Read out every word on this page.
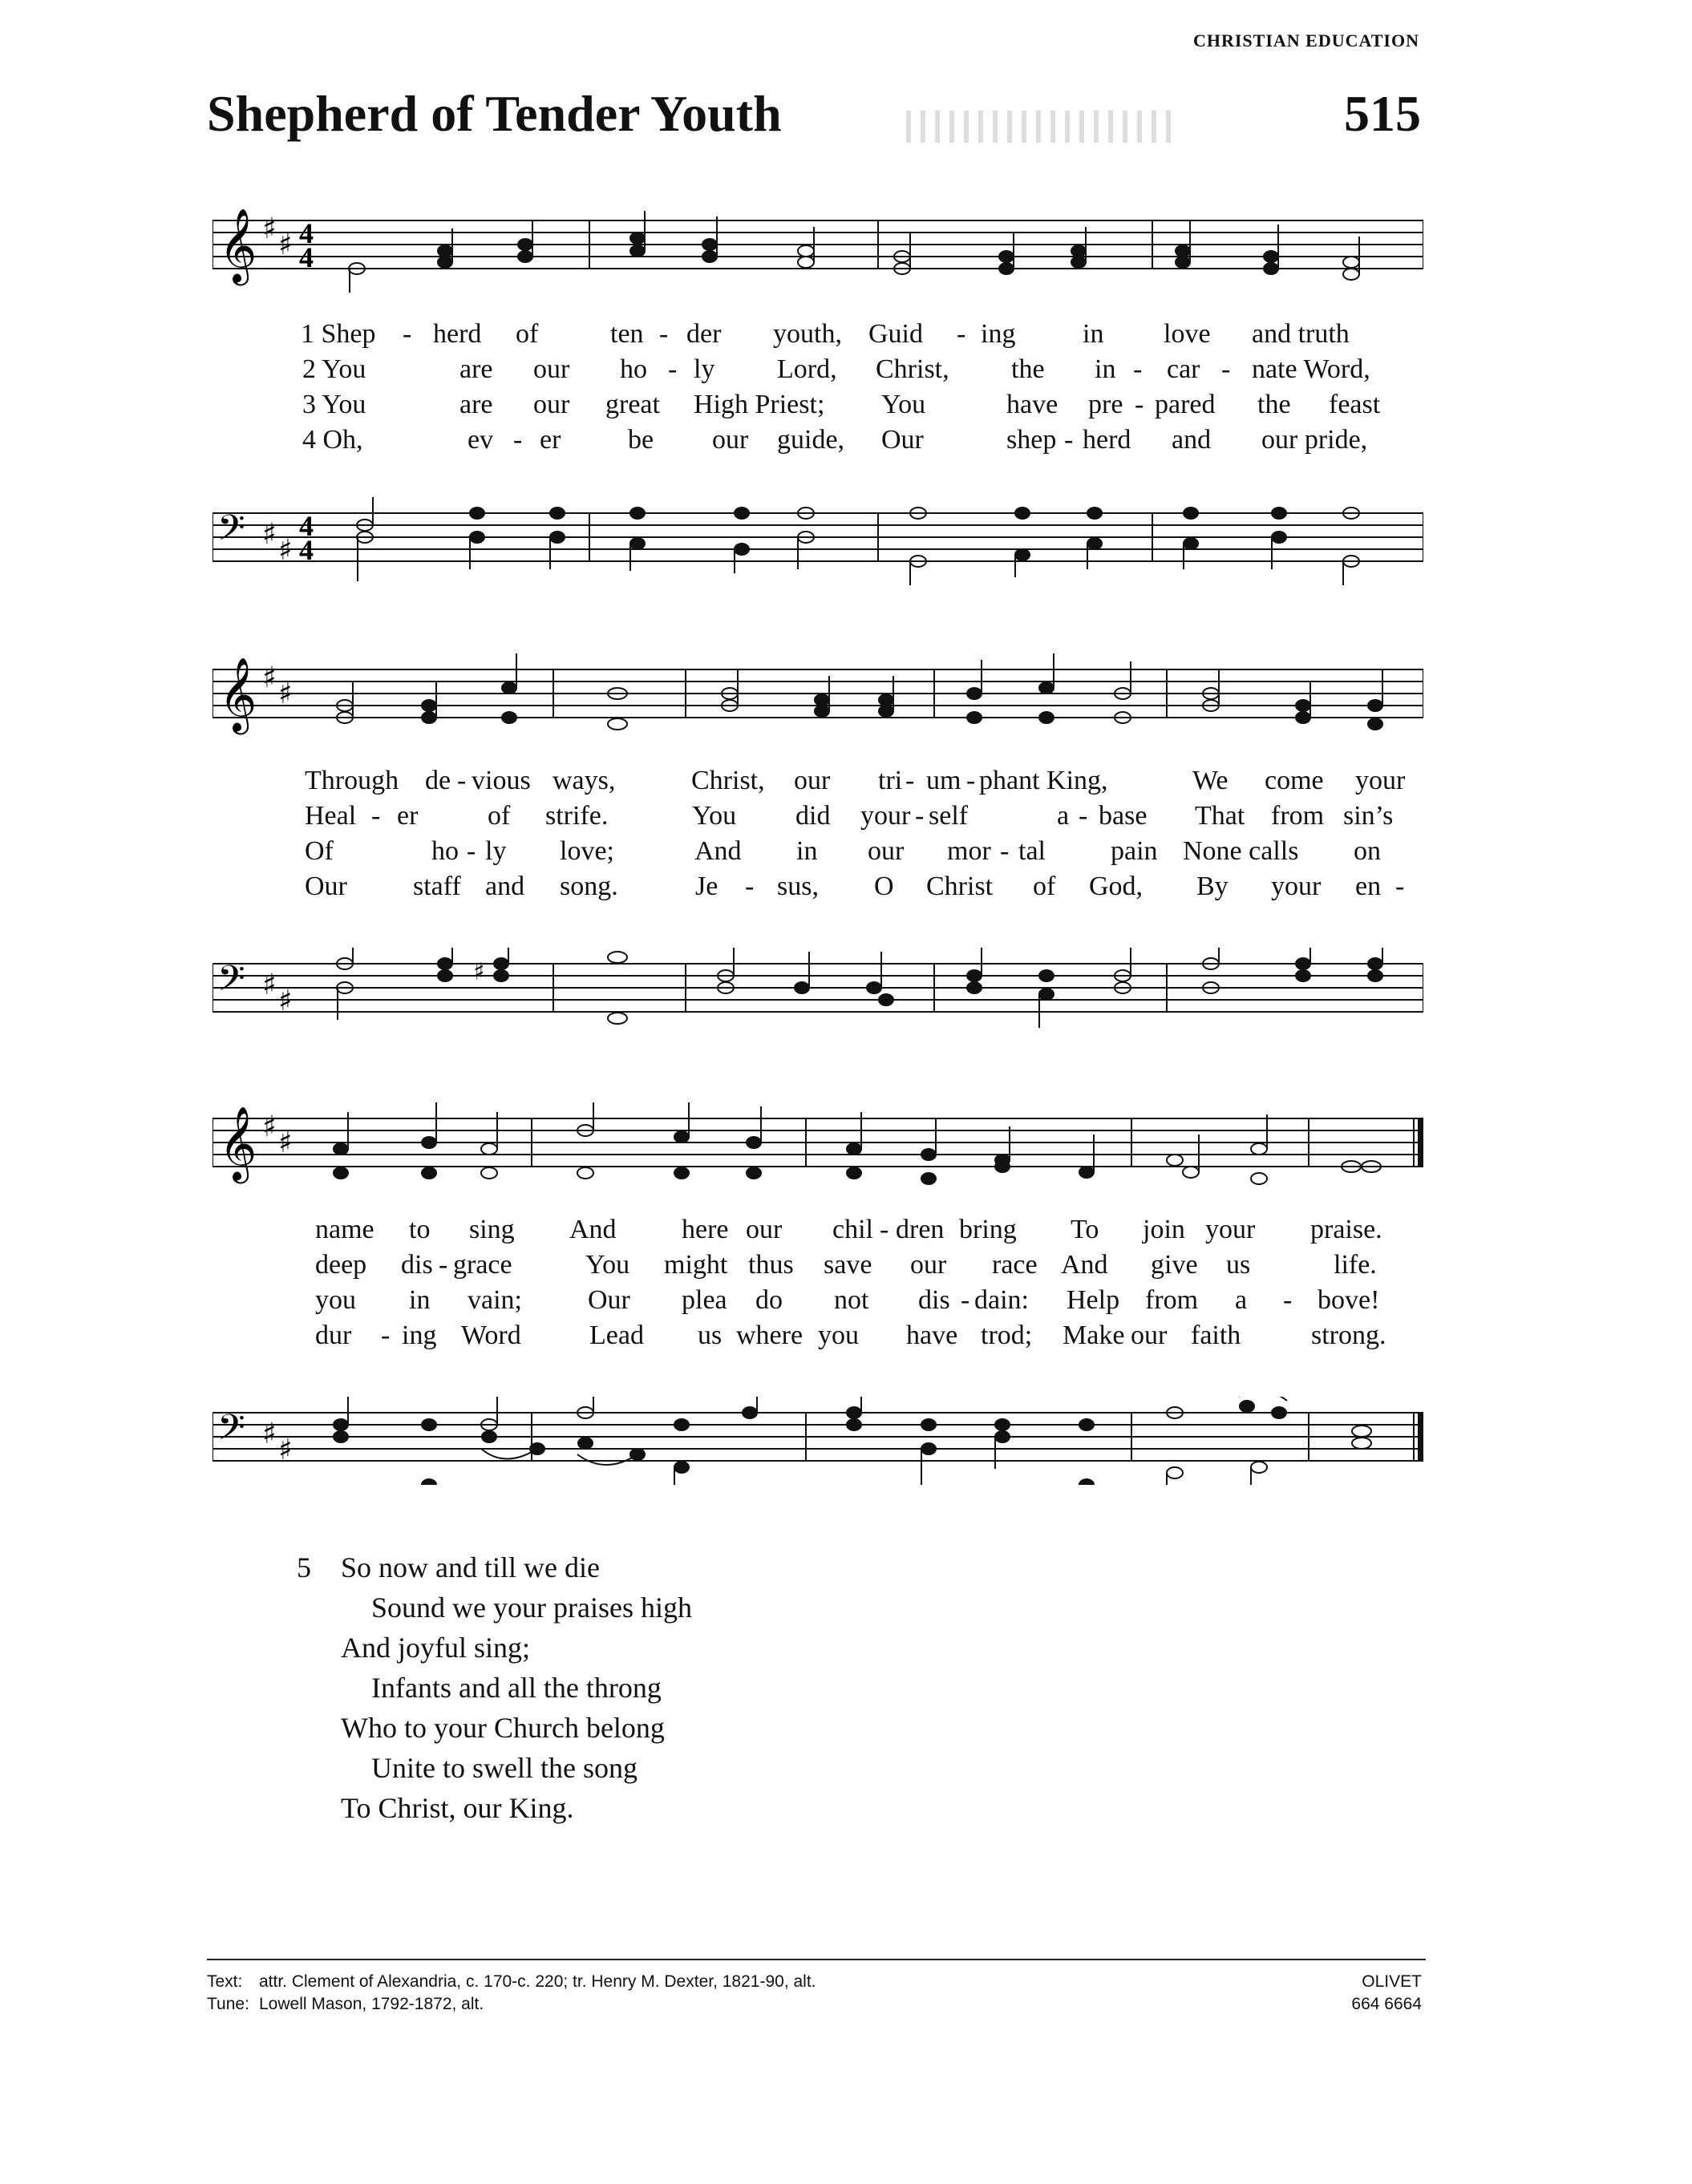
CHRISTIAN EDUCATION
Shepherd of Tender Youth	515
𝄞 ♯ ♯ 4
4
1 Shep - herd of	ten - der youth, Guid - ing in love and truth
2 You	are our ho - ly Lord, Christ, the in - car - nate Word,
3 You	are our great High Priest; You	have pre - pared the feast
4 Oh,	ev - er be our guide, Our	shep - herd and our pride,
𝄢 ♯ ♯
4
4
𝄞 ♯ ♯
Through de - vious ways,	Christ, our tri - um - phant King,	We come your
Heal - er	of strife.	You did your - self	a - base That from sin’s
Of	ho - ly love;	And in our mor - tal pain None calls on
Our staff and song.	Je - sus, O Christ of God, By your en -
𝄢 ♯ ♯
♯
𝄞 ♯ ♯
name to sing And here our chil - dren bring To join your praise.
deep dis - grace	You might thus save our race And give us	life.
you in vain; Our plea do not dis - dain: Help from a - bove!
dur - ing Word	Lead us where you have trod; Make our faith	strong.
𝄢 ♯ ♯
5 So now and till we die
Sound we your praises high
And joyful sing;
Infants and all the throng
Who to your Church belong
Unite to swell the song
To Christ, our King.
Text: attr. Clement of Alexandria, c. 170-c. 220; tr. Henry M. Dexter, 1821-90, alt.
Tune: Lowell Mason, 1792-1872, alt.
OLIVET
664 6664
